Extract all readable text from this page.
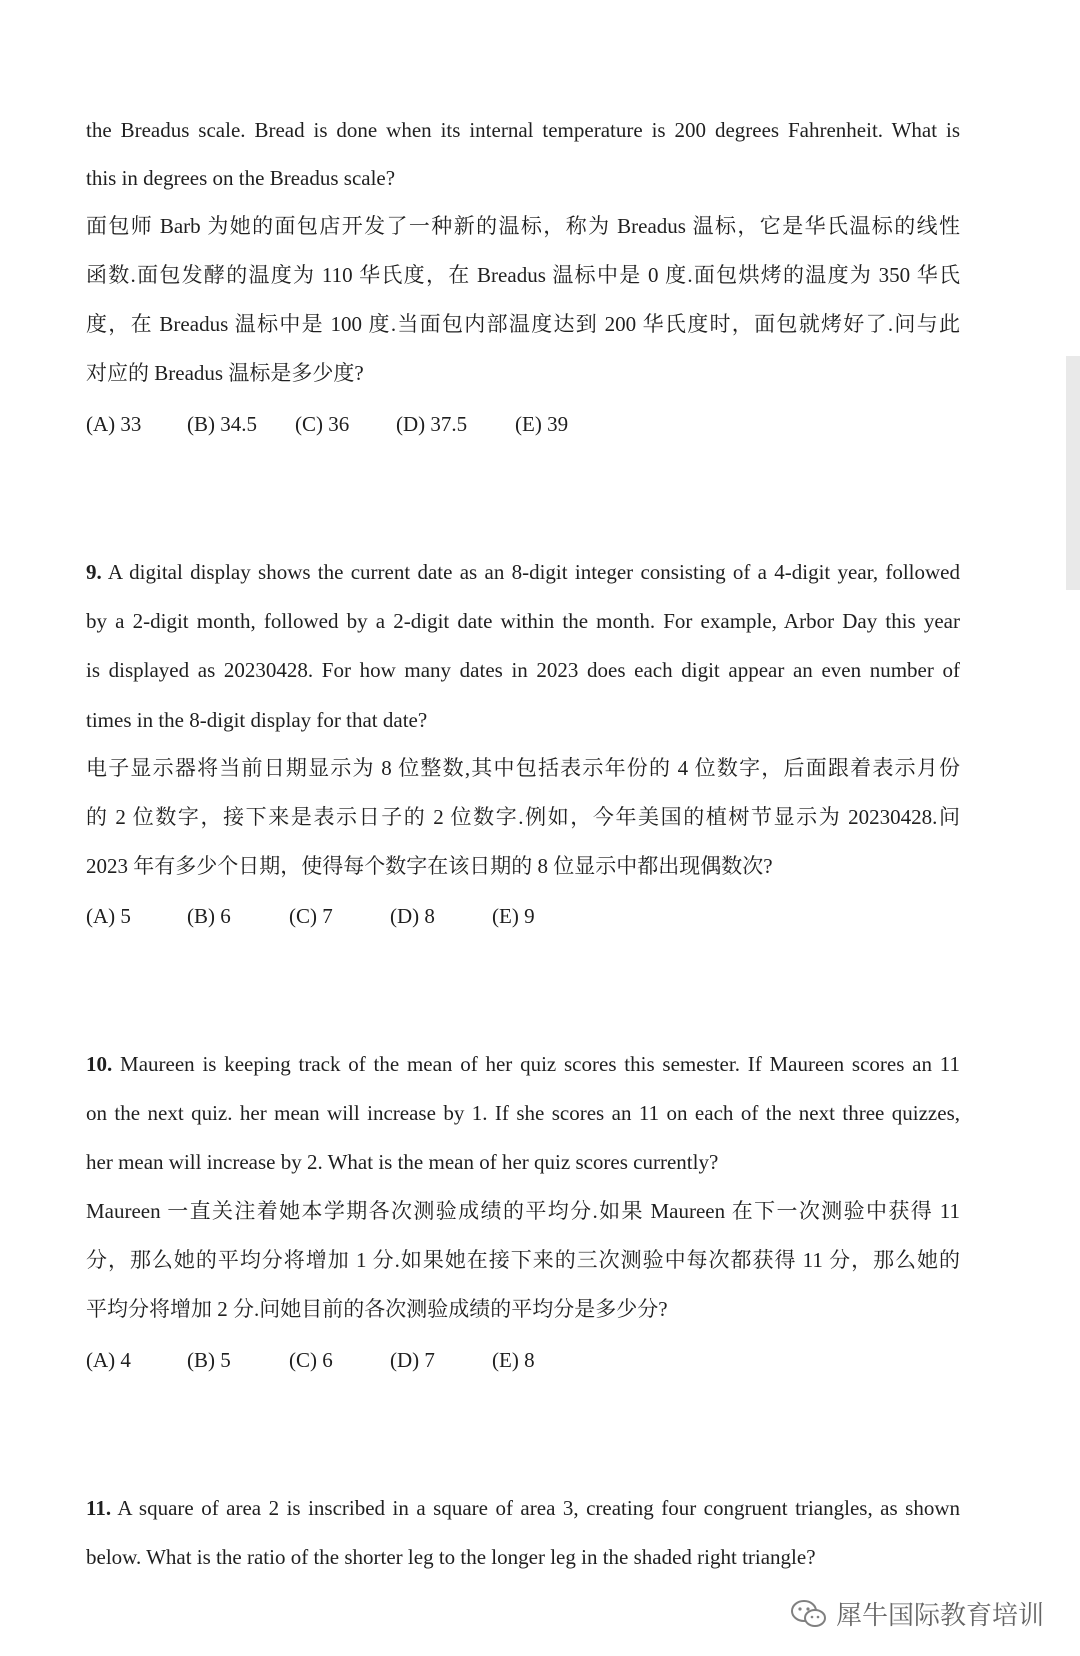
the Breadus scale. Bread is done when its internal temperature is 200 degrees Fahrenheit. What is
this in degrees on the Breadus scale?
面包师 Barb 为她的面包店开发了一种新的温标，称为 Breadus 温标，它是华氏温标的线性
函数.面包发酵的温度为 110 华氏度，在 Breadus 温标中是 0 度.面包烘烤的温度为 350 华氏
度，在 Breadus 温标中是 100 度.当面包内部温度达到 200 华氏度时，面包就烤好了.问与此
对应的 Breadus 温标是多少度?
(A) 33 (B) 34.5 (C) 36 (D) 37.5 (E) 39
9. A digital display shows the current date as an 8-digit integer consisting of a 4-digit year, followed
by a 2-digit month, followed by a 2-digit date within the month. For example, Arbor Day this year
is displayed as 20230428. For how many dates in 2023 does each digit appear an even number of
times in the 8-digit display for that date?
电子显示器将当前日期显示为 8 位整数,其中包括表示年份的 4 位数字，后面跟着表示月份
的 2 位数字，接下来是表示日子的 2 位数字.例如，今年美国的植树节显示为 20230428.问
2023 年有多少个日期，使得每个数字在该日期的 8 位显示中都出现偶数次?
(A) 5	(B) 6	(C) 7	(D) 8	(E) 9
10. Maureen is keeping track of the mean of her quiz scores this semester. If Maureen scores an 11
on the next quiz. her mean will increase by 1. If she scores an 11 on each of the next three quizzes,
her mean will increase by 2. What is the mean of her quiz scores currently?
Maureen 一直关注着她本学期各次测验成绩的平均分.如果 Maureen 在下一次测验中获得 11
分，那么她的平均分将增加 1 分.如果她在接下来的三次测验中每次都获得 11 分，那么她的
平均分将增加 2 分.问她目前的各次测验成绩的平均分是多少分?
(A) 4	(B) 5	(C) 6	(D) 7	(E) 8
11. A square of area 2 is inscribed in a square of area 3, creating four congruent triangles, as shown
below. What is the ratio of the shorter leg to the longer leg in the shaded right triangle?
犀牛国际教育培训
